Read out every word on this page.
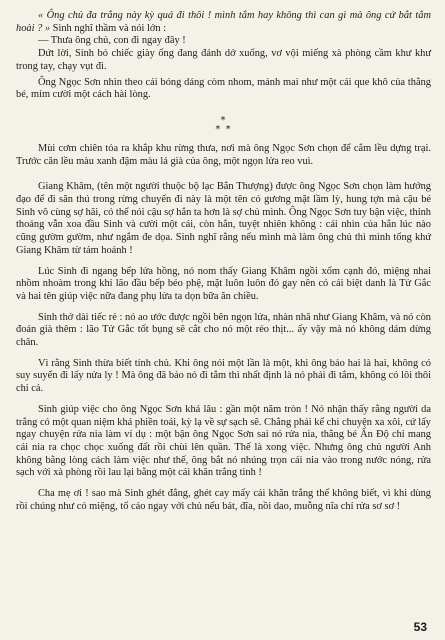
« Ông chủ đa trắng này kỳ quá đi thôi ! mình tắm hay không thì can gì mà ông cứ bắt tắm hoài ? » Sinh nghĩ thầm và nói lớn :

— Thưa ông chủ, con đi ngay đây !

Dứt lời, Sinh bỏ chiếc giày ống đang đánh dở xuống, vơ vội miếng xà phòng cầm khư khư trong tay, chạy vụt đi.

Ông Ngọc Sơn nhìn theo cái bóng dáng còm nhom, mảnh mai như một cái que khô của thằng bé, mỉm cười một cách hài lòng.

*
* *

Mùi cơm chiên tỏa ra khắp khu rừng thưa, nơi mà ông Ngọc Sơn chọn để cắm lều dựng trại. Trước căn lều màu xanh đậm màu lá già của ông, một ngọn lửa reo vui.

Giang Khâm, (tên một người thuộc bộ lạc Bắn Thượng) được ông Ngọc Sơn chọn làm hướng đạo để đi săn thú trong rừng chuyến đi này là một tên có gương mặt lầm lỳ, hung tợn mà cậu bé Sinh vô cùng sợ hãi, có thể nói cậu sợ hắn ta hơn là sợ chủ mình. Ông Ngọc Sơn tuy bận việc, thỉnh thoảng vẫn xoa đầu Sinh và cười một cái, còn hắn, tuyệt nhiên không : cái nhìn của hắn lúc nào cũng gườm gườm, như ngắm đe dọa. Sinh nghĩ rằng nếu mình mà làm ông chủ thì mình tống khứ Giang Khâm từ tám hoánh !

Lúc Sinh đi ngang bếp lửa hồng, nó nom thấy Giang Khâm ngồi xổm cạnh đó, miệng nhai nhồm nhoàm trong khi lão đầu bếp béo phệ, mặt luôn luôn đỏ gay nên có cái biệt danh là Tử Gắc và hai tên giúp việc nữa đang phụ lửa ta dọn bữa ăn chiều.

Sinh thở dài tiếc rẻ : nó ao ước được ngồi bên ngọn lửa, nhàn nhã như Giang Khâm, và nó còn đoán già thêm : lão Tử Gắc tốt bụng sẽ cắt cho nó một rẻo thịt... ấy vậy mà nó không dám dừng chân.

Vì rằng Sinh thừa biết tính chủ. Khi ông nói một lần là một, khi ông bảo hai là hai, không có suy suyển đi lấy nửa ly ! Mà ông đã bảo nó đi tắm thì nhất định là nó phải đi tắm, không có lôi thôi chi cả.

Sinh giúp việc cho ông Ngọc Sơn khá lâu : gần một năm tròn ! Nó nhận thấy rằng người da trắng có một quan niệm khá phiền toái, kỳ lạ về sự sạch sẽ. Chẳng phải kể chi chuyện xa xôi, cứ lấy ngay chuyện rửa nia làm ví dụ : một bận ông Ngọc Sơn sai nó rửa nia, thằng bé Ấn Độ chỉ mang cái nia ra chọc chọc xuống đất rồi chùi lên quần. Thế là xong việc. Nhưng ông chủ người Anh không bằng lòng cách làm việc như thế, ông bắt nó nhúng trọn cái nia vào trong nước nóng, rửa sạch với xà phòng rồi lau lại bằng một cái khăn trắng tinh !

Cha mẹ ơi ! sao mà Sinh ghét đắng, ghét cay mấy cái khăn trắng thế không biết, vì khi dùng rồi chúng như có miệng, tố cáo ngay với chủ nếu bát, đĩa, nồi dao, muỗng nĩa chỉ rửa sơ sơ !

53
